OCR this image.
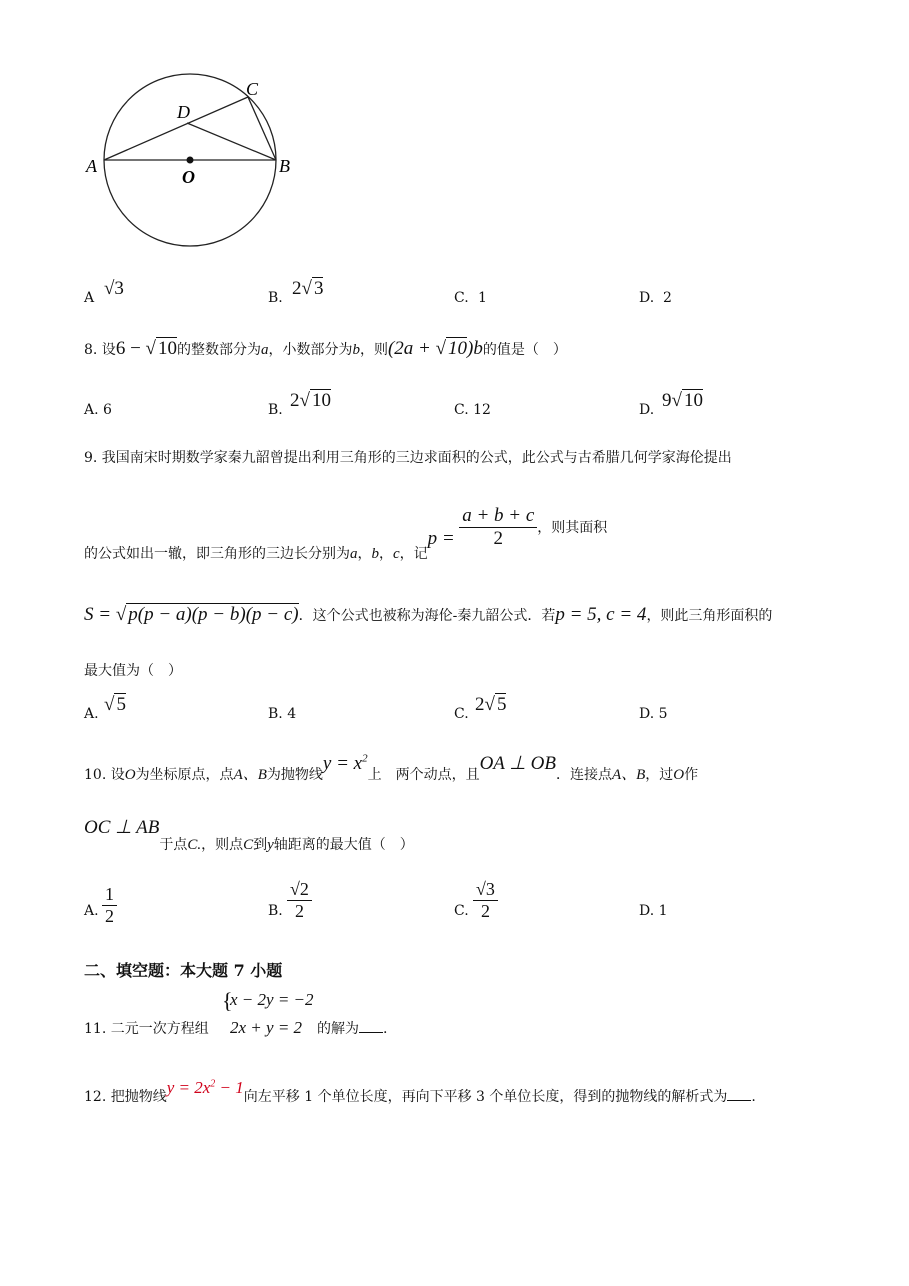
A	B
C
D
O
A √3	B. 2√ 3	C. 1	D. 2
8. 设6 − √ 10的整数部分为a，小数部分为b，则(2a + √ 10)b的值是（　）
A. 6	B. 2√ 10	C. 12	D. 9√ 10
9. 我国南宋时期数学家秦九韶曾提出利用三角形的三边求面积的公式，此公式与古希腊几何学家海伦提出
的公式如出一辙，即三角形的三边长分别为a，b，c，记$p = \frac{a + b + c}{2}$ ，则其面积
S = √ p(p − a)(p − b)(p − c)．这个公式也被称为海伦-秦九韶公式．若p = 5, c = 4，则此三角形面积的
最大值为（　）
A. √ 5	B. 4	C. 2√ 5	D. 5
10. 设O为坐标原点，点A、B为抛物线$y = x^2$上　两个动点，且OA ⊥ OB．连接点A、B，过O作
OC ⊥ AB于点C.，则点C到y轴距离的最大值（　）
A. $\frac{1}{2}$	B. $\frac{√2}{2}$	C. $\frac{√3}{2}$	D. 1
二、填空题：本大题 7 小题
11. 二元一次方程组
{
x − 2y = −2
2x + y = 2 的解为 .
12. 把抛物线$y = 2x^2 - 1$向左平移 1 个单位长度，再向下平移 3 个单位长度，得到的抛物线的解析式为 .
